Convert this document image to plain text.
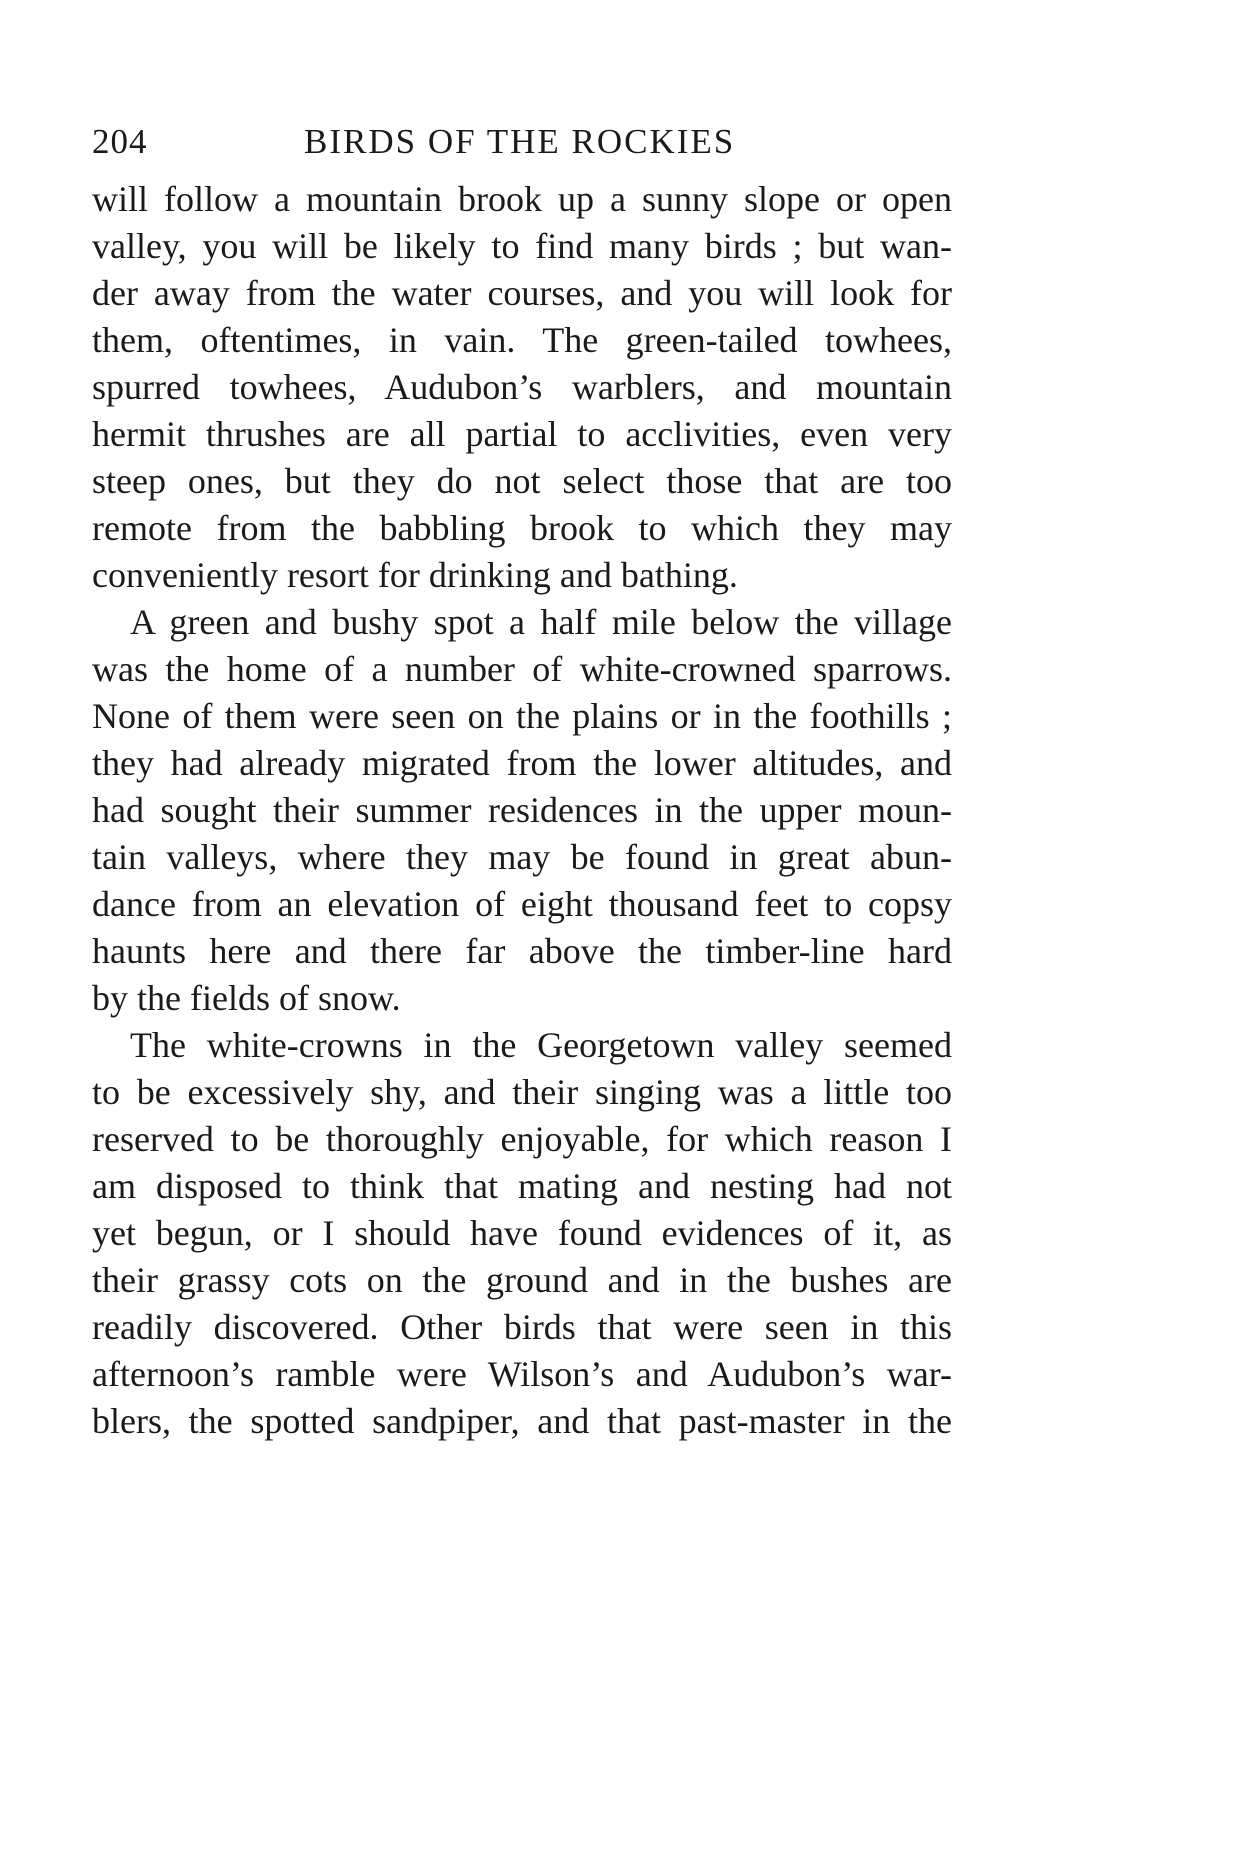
204	BIRDS OF THE ROCKIES
will follow a mountain brook up a sunny slope or open
valley, you will be likely to find many birds ; but wan-
der away from the water courses, and you will look for
them, oftentimes, in vain. The green-tailed towhees,
spurred towhees, Audubon’s warblers, and mountain
hermit thrushes are all partial to acclivities, even very
steep ones, but they do not select those that are too
remote from the babbling brook to which they may
conveniently resort for drinking and bathing.
A green and bushy spot a half mile below the village
was the home of a number of white-crowned sparrows.
None of them were seen on the plains or in the foothills ;
they had already migrated from the lower altitudes, and
had sought their summer residences in the upper moun-
tain valleys, where they may be found in great abun-
dance from an elevation of eight thousand feet to copsy
haunts here and there far above the timber-line hard
by the fields of snow.
The white-crowns in the Georgetown valley seemed
to be excessively shy, and their singing was a little too
reserved to be thoroughly enjoyable, for which reason I
am disposed to think that mating and nesting had not
yet begun, or I should have found evidences of it, as
their grassy cots on the ground and in the bushes are
readily discovered. Other birds that were seen in this
afternoon’s ramble were Wilson’s and Audubon’s war-
blers, the spotted sandpiper, and that past-master in the
